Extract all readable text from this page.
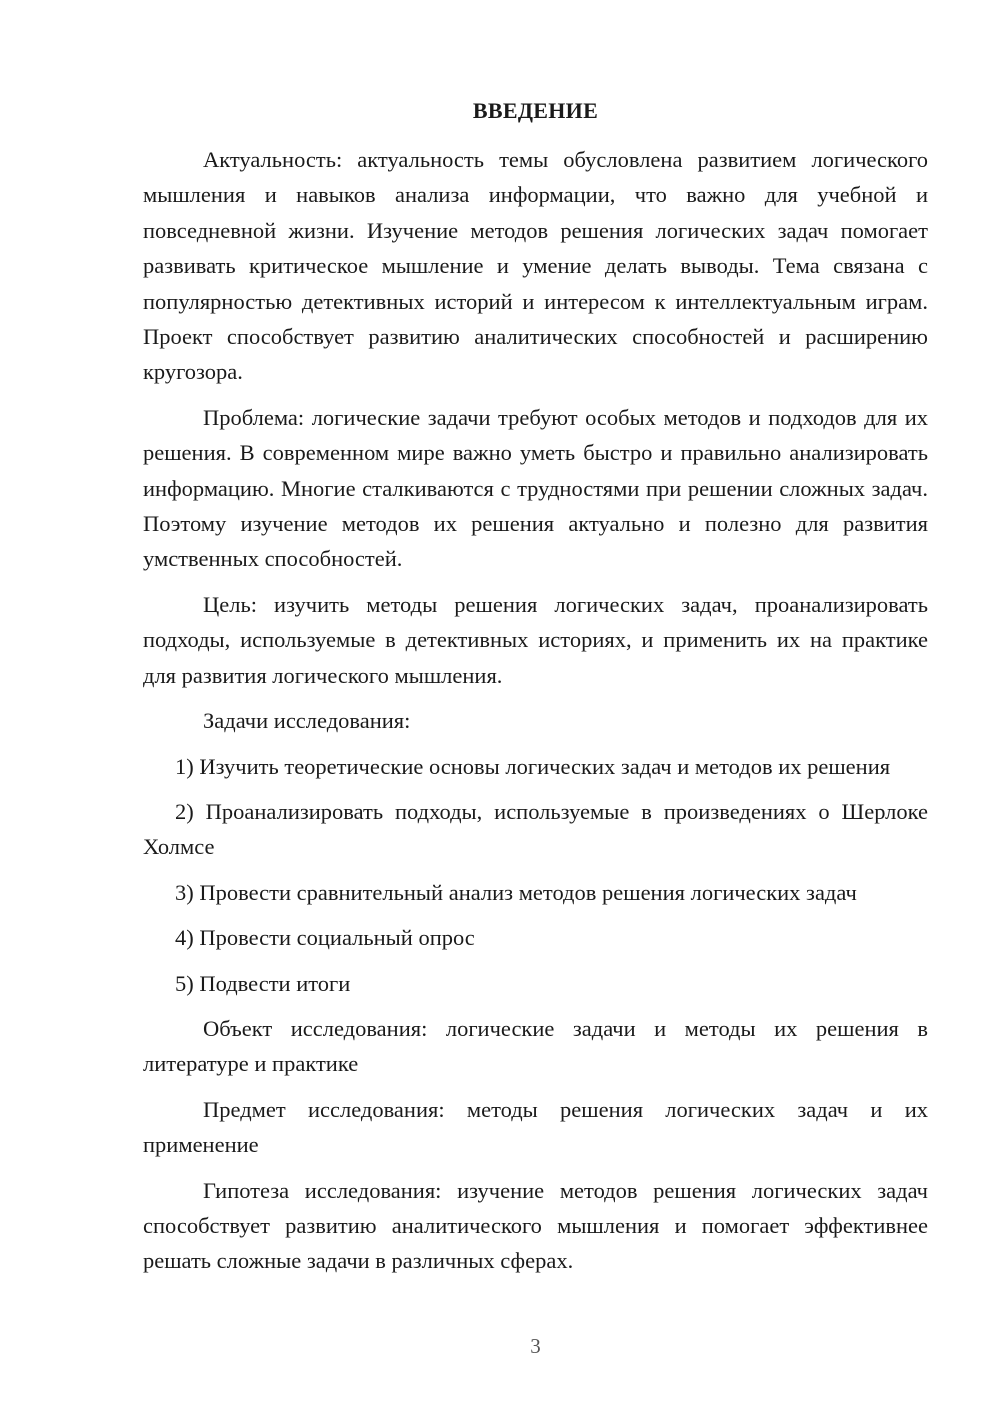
ВВЕДЕНИЕ

Актуальность: актуальность темы обусловлена развитием логического мышления и навыков анализа информации, что важно для учебной и повседневной жизни. Изучение методов решения логических задач помогает развивать критическое мышление и умение делать выводы. Тема связана с популярностью детективных историй и интересом к интеллектуальным играм. Проект способствует развитию аналитических способностей и расширению кругозора.

Проблема: логические задачи требуют особых методов и подходов для их решения. В современном мире важно уметь быстро и правильно анализировать информацию. Многие сталкиваются с трудностями при решении сложных задач. Поэтому изучение методов их решения актуально и полезно для развития умственных способностей.

Цель: изучить методы решения логических задач, проанализировать подходы, используемые в детективных историях, и применить их на практике для развития логического мышления.

Задачи исследования:

1) Изучить теоретические основы логических задач и методов их решения

2) Проанализировать подходы, используемые в произведениях о Шерлоке Холмсе

3) Провести сравнительный анализ методов решения логических задач

4) Провести социальный опрос

5) Подвести итоги

Объект исследования: логические задачи и методы их решения в литературе и практике

Предмет исследования: методы решения логических задач и их применение

Гипотеза исследования: изучение методов решения логических задач способствует развитию аналитического мышления и помогает эффективнее решать сложные задачи в различных сферах.

3
